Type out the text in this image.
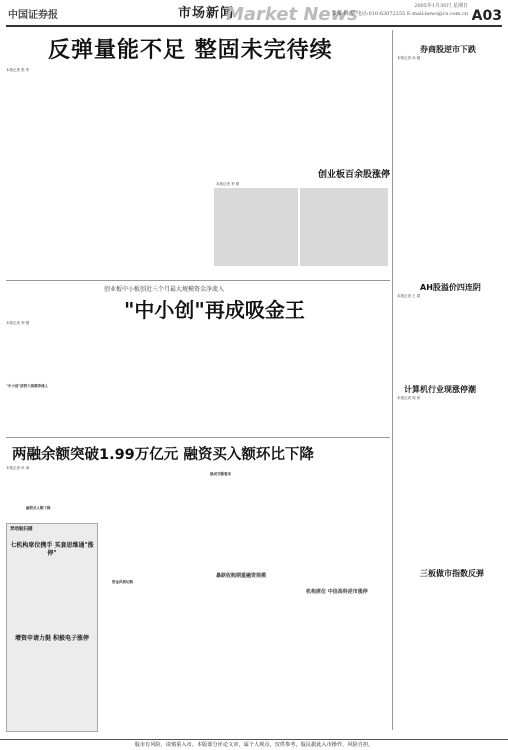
中国证券报	市场新闻
Market News	2005年1月30日 星期日
责编:姚 华 电话:010-63072255 E-mail:news@cs.com.cn A03
反弹量能不足 整固未完待续
本报记者 张 军
券商股逆市下跌
本报记者 孙 健
创业板百余股涨停
本报记者 李 强
创业板中小板创近三个月最大规模资金净流入
"中小创"再成吸金王
本报记者 李 强
"中小创"获资大规模净流入
AH股溢价四连阴
本报记者 王 超
计算机行业现涨停潮
本报记者 周 萍
两融余额突破1.99万亿元 融资买入额环比下降
本报记者 叶 涛
融资买入额下降
就成交额看来
三板做市指数反弹
异动股扫描
七机构席位携手 买套思维通"涨停"
增资申请力挺 积极电子涨停
资金风格切换
暴跌收购期重融资规模
机构席位 中信高科逆市涨停
股市有风险，请慎重入市。本版部分评论文章，属个人观点，仅供参考，股民据此入市操作，风险自担。
